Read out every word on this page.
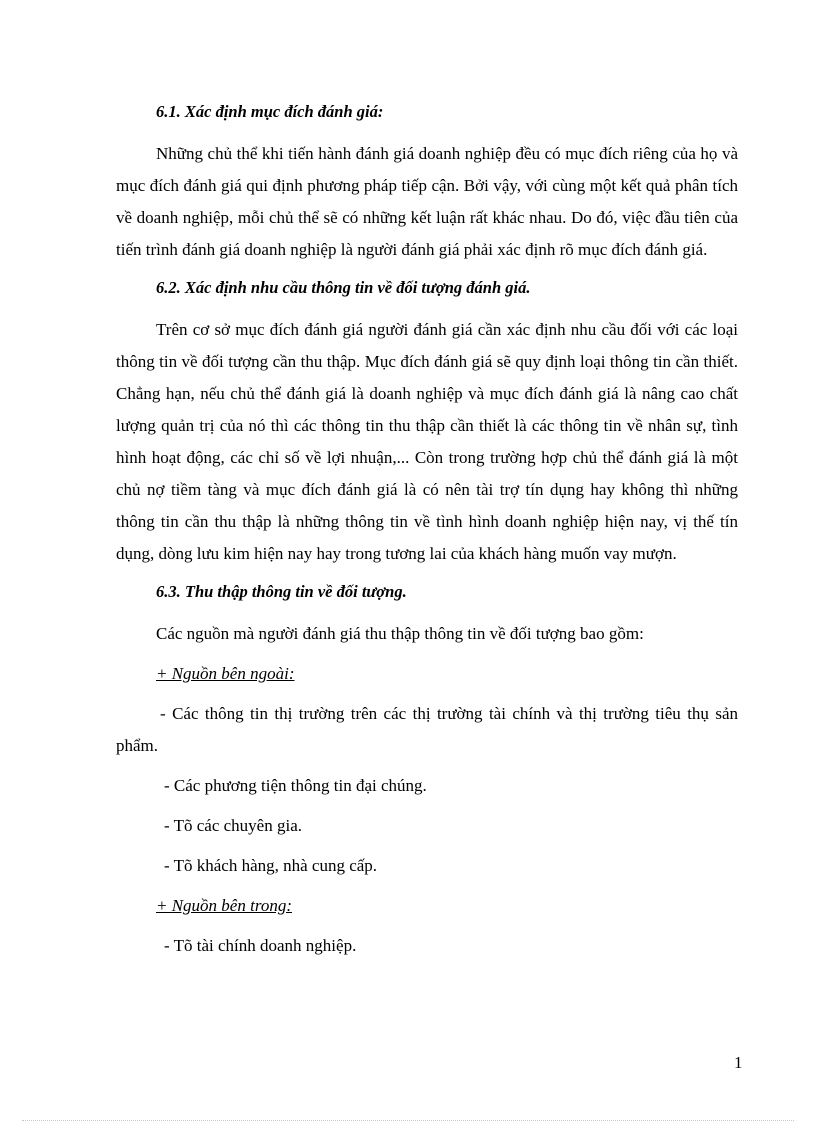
6.1. Xác định mục đích đánh giá:

Những chủ thể khi tiến hành đánh giá doanh nghiệp đều có mục đích riêng của họ và mục đích đánh giá qui định phương pháp tiếp cận. Bởi vậy, với cùng một kết quả phân tích về doanh nghiệp, mỗi chủ thể sẽ có những kết luận rất khác nhau. Do đó, việc đầu tiên của tiến trình đánh giá doanh nghiệp là người đánh giá phải xác định rõ mục đích đánh giá.

6.2. Xác định nhu cầu thông tin về đối tượng đánh giá.

Trên cơ sở mục đích đánh giá người đánh giá cần xác định nhu cầu đối với các loại thông tin về đối tượng cần thu thập. Mục đích đánh giá sẽ quy định loại thông tin cần thiết. Chẳng hạn, nếu chủ thể đánh giá là doanh nghiệp và mục đích đánh giá là nâng cao chất lượng quản trị của nó thì các thông tin thu thập cần thiết là các thông tin về nhân sự, tình hình hoạt động, các chỉ số về lợi nhuận,... Còn trong trường hợp chủ thể đánh giá là một chủ nợ tiềm tàng và mục đích đánh giá là có nên tài trợ tín dụng hay không thì những thông tin cần thu thập là những thông tin về tình hình doanh nghiệp hiện nay, vị thế tín dụng, dòng lưu kim hiện nay hay trong tương lai của khách hàng muốn vay mượn.

6.3. Thu thập thông tin về đối tượng.

Các nguồn mà người đánh giá thu thập thông tin về đối tượng bao gồm:

+ Nguồn bên ngoài:

- Các thông tin thị trường trên các thị trường tài chính và thị trường tiêu thụ sản phẩm.

- Các phương tiện thông tin đại chúng.

- Tõ các chuyên gia.

- Tõ khách hàng, nhà cung cấp.

+ Nguồn bên trong:

- Tõ tài chính doanh nghiệp.

1
